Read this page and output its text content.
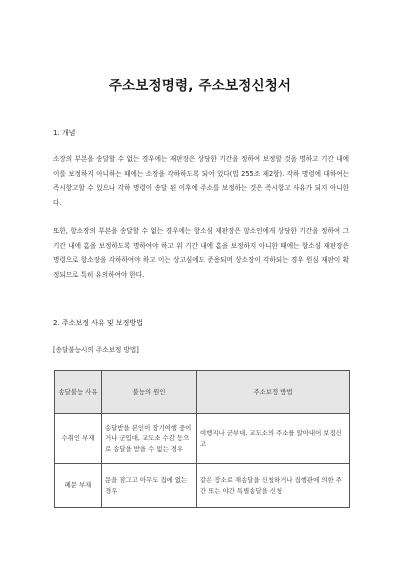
주소보정명령, 주소보정신청서
1. 개념
소장의 부본을 송달할 수 없는 경우에는 재판장은 상당한 기간을 정하여 보정할 것을 명하고 기간 내에 이를 보정하지 아니하는 때에는 소장을 각하하도록 되어 있다(법 255조 제2항). 각하 명령에 대하여는 즉시항고할 수 있으나 각하 명령이 송달 된 이후에 주소를 보정하는 것은 즉시항고 사유가 되지 아니한다.
또한, 항소장의 부본을 송달할 수 없는 경우에는 항소심 재판장은 항소인에게 상당한 기간을 정하여 그 기간 내에 흠을 보정하도록 명하여야 하고 위 기간 내에 흠을 보정하지 아니한 때에는 항소심 재판장은 명령으로 항소장을 각하하여야 하고 이는 상고심에도 준용되며 상소장이 각하되는 경우 원심 재판이 확정되므로 특히 유의하여야 한다.
2. 주소보정 사유 및 보정방법
[송달불능시의 주소보정 방법]
송달불능 사유	불능의 원인	주소보정 방법
수취인 부재	송달받을 본인이 장기여행 중이거나 군입대, 교도소 수감 등으로 송달을 받을 수 없는 경우	여행지나 군부대, 교도소의 주소를 알아내어 보정신고
폐문 부재	문을 잠그고 아무도 집에 없는 경우	같은 장소로 재송달을 신청하거나 집행관에 의한 주간 또는 야간 특별송달을 신청
